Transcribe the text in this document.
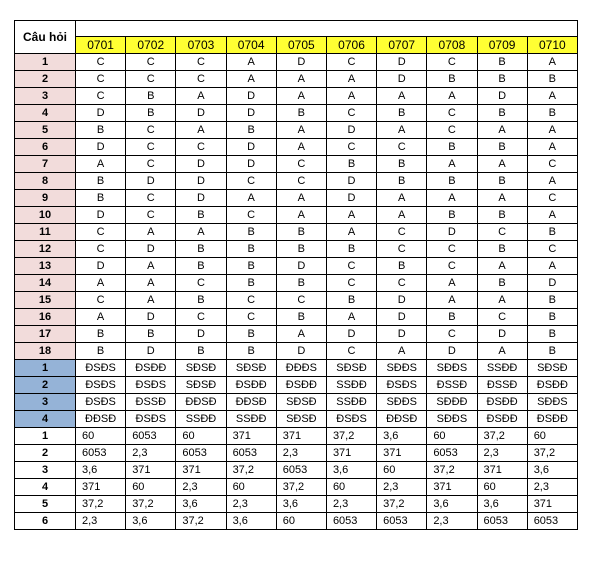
Câu hỏi										
	0701	0702	0703	0704	0705	0706	0707	0708	0709	0710
1	C	C	C	A	D	C	D	C	B	A
2	C	C	C	A	A	A	D	B	B	B
3	C	B	A	D	A	A	A	A	D	A
4	D	B	D	D	B	C	B	C	B	B
5	B	C	A	B	A	D	A	C	A	A
6	D	C	C	D	A	C	C	B	B	A
7	A	C	D	D	C	B	B	A	A	C
8	B	D	D	C	C	D	B	B	B	A
9	B	C	D	A	A	D	A	A	A	C
10	D	C	B	C	A	A	A	B	B	A
11	C	A	A	B	B	A	C	D	C	B
12	C	D	B	B	B	B	C	C	B	C
13	D	A	B	B	D	C	B	C	A	A
14	A	A	C	B	B	C	C	A	B	D
15	C	A	B	C	C	B	D	A	A	B
16	A	D	C	C	B	A	D	B	C	B
17	B	B	D	B	A	D	D	C	D	B
18	B	D	B	B	D	C	A	D	A	B
1	ĐSĐS	ĐSĐĐ	SĐSĐ	SĐSĐ	ĐĐĐS	SĐSĐ	SĐĐS	SĐĐS	SSĐĐ	SĐSĐ
2	ĐSĐS	ĐSĐS	SĐSĐ	ĐSĐĐ	ĐSĐĐ	SSĐĐ	ĐSĐS	ĐSSĐ	ĐSSĐ	ĐSĐĐ
3	ĐSĐS	ĐSSĐ	ĐĐSĐ	ĐĐSĐ	SĐSĐ	SSĐĐ	SĐĐS	SĐĐĐ	ĐSĐĐ	SĐĐS
4	ĐĐSĐ	ĐSĐS	SSĐĐ	SSĐĐ	SĐSĐ	ĐSĐS	ĐĐSĐ	SĐĐS	ĐSĐĐ	ĐSĐĐ
1	60	6053	60	371	371	37,2	3,6	60	37,2	60
2	6053	2,3	6053	6053	2,3	371	371	6053	2,3	37,2
3	3,6	371	371	37,2	6053	3,6	60	37,2	371	3,6
4	371	60	2,3	60	37,2	60	2,3	371	60	2,3
5	37,2	37,2	3,6	2,3	3,6	2,3	37,2	3,6	3,6	371
6	2,3	3,6	37,2	3,6	60	6053	6053	2,3	6053	6053
